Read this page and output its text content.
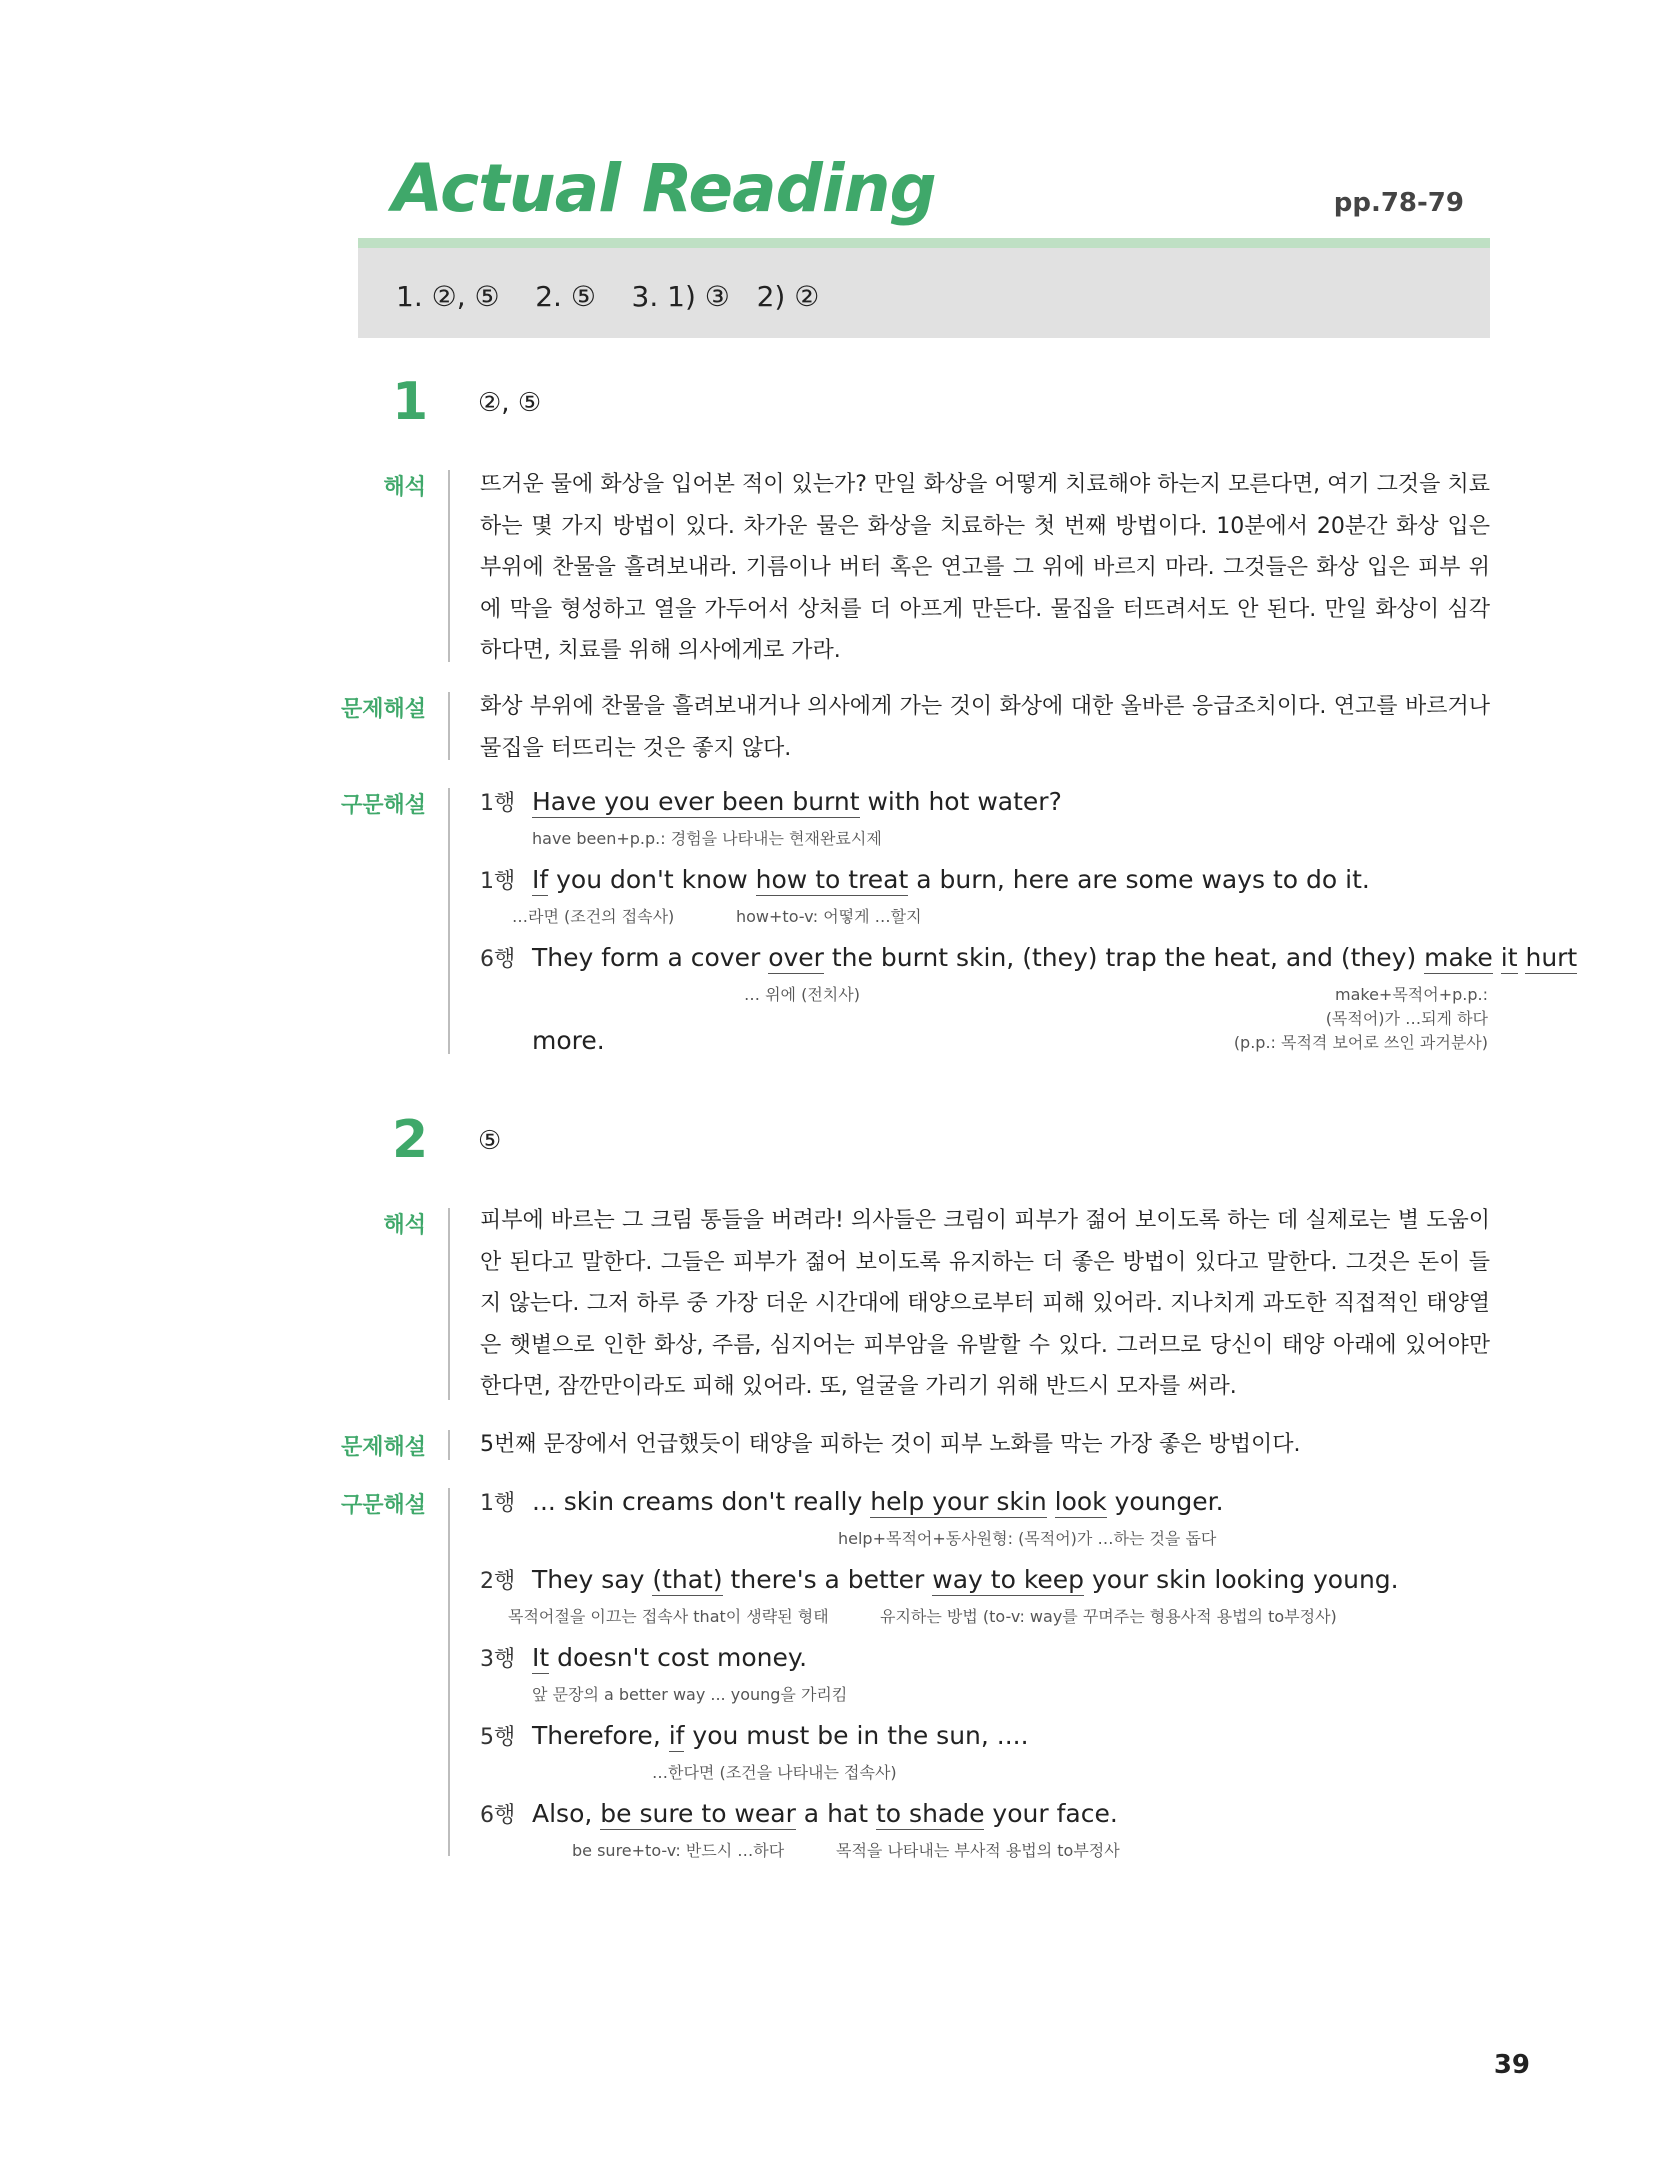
Actual Reading	pp.78-79
1. ②, ⑤    2. ⑤    3. 1) ③   2) ②
1 ②, ⑤
해석 뜨거운 물에 화상을 입어본 적이 있는가? 만일 화상을 어떻게 치료해야 하는지 모른다면, 여기 그것을 치료하는 몇 가지 방법이 있다. 차가운 물은 화상을 치료하는 첫 번째 방법이다. 10분에서 20분간 화상 입은 부위에 찬물을 흘려보내라. 기름이나 버터 혹은 연고를 그 위에 바르지 마라. 그것들은 화상 입은 피부 위에 막을 형성하고 열을 가두어서 상처를 더 아프게 만든다. 물집을 터뜨려서도 안 된다. 만일 화상이 심각하다면, 치료를 위해 의사에게로 가라.

문제해설 화상 부위에 찬물을 흘려보내거나 의사에게 가는 것이 화상에 대한 올바른 응급조치이다. 연고를 바르거나 물집을 터뜨리는 것은 좋지 않다.

구문해설 1행 Have you ever been burnt with hot water?
have been+p.p.: 경험을 나타내는 현재완료시제
1행 If you don't know how to treat a burn, here are some ways to do it.
…라면 (조건의 접속사)	how+to-v: 어떻게 …할지
6행 They form a cover over the burnt skin, (they) trap the heat, and (they) make it hurt
… 위에 (전치사)	make+목적어+p.p.:
(목적어)가 …되게 하다
(p.p.: 목적격 보어로 쓰인 과거분사)
more.
2 ⑤
해석 피부에 바르는 그 크림 통들을 버려라! 의사들은 크림이 피부가 젊어 보이도록 하는 데 실제로는 별 도움이 안 된다고 말한다. 그들은 피부가 젊어 보이도록 유지하는 더 좋은 방법이 있다고 말한다. 그것은 돈이 들지 않는다. 그저 하루 중 가장 더운 시간대에 태양으로부터 피해 있어라. 지나치게 과도한 직접적인 태양열은 햇볕으로 인한 화상, 주름, 심지어는 피부암을 유발할 수 있다. 그러므로 당신이 태양 아래에 있어야만 한다면, 잠깐만이라도 피해 있어라. 또, 얼굴을 가리기 위해 반드시 모자를 써라.

문제해설 5번째 문장에서 언급했듯이 태양을 피하는 것이 피부 노화를 막는 가장 좋은 방법이다.

구문해설 1행 ... skin creams don't really help your skin look younger.
help+목적어+동사원형: (목적어)가 …하는 것을 돕다
2행 They say (that) there's a better way to keep your skin looking young.
목적어절을 이끄는 접속사 that이 생략된 형태	유지하는 방법 (to-v: way를 꾸며주는 형용사적 용법의 to부정사)
3행 It doesn't cost money.
앞 문장의 a better way ... young을 가리킴
5행 Therefore, if you must be in the sun, ....
…한다면 (조건을 나타내는 접속사)
6행 Also, be sure to wear a hat to shade your face.
be sure+to-v: 반드시 …하다	목적을 나타내는 부사적 용법의 to부정사
39
